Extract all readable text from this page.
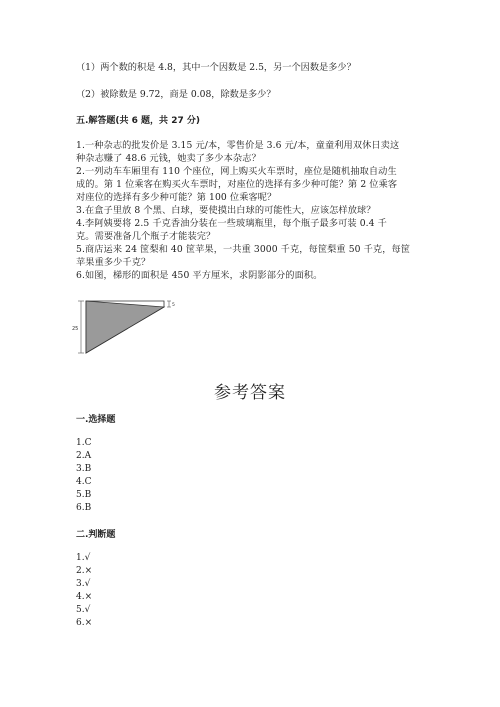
（1）两个数的积是 4.8，其中一个因数是 2.5，另一个因数是多少？
（2）被除数是 9.72，商是 0.08，除数是多少？
五.解答题(共 6 题，共 27 分)
1.一种杂志的批发价是 3.15 元/本，零售价是 3.6 元/本，童童利用双休日卖这
种杂志赚了 48.6 元钱，她卖了多少本杂志？
2.一列动车车厢里有 110 个座位，网上购买火车票时，座位是随机抽取自动生
成的。第 1 位乘客在购买火车票时，对座位的选择有多少种可能？第 2 位乘客
对座位的选择有多少种可能？第 100 位乘客呢？
3.在盒子里放 8 个黑、白球，要使摸出白球的可能性大，应该怎样放球？
4.李阿姨要将 2.5 千克香油分装在一些玻璃瓶里，每个瓶子最多可装 0.4 千
克。需要准备几个瓶子才能装完？
5.商店运来 24 筐梨和 40 筐苹果，一共重 3000 千克，每筐梨重 50 千克，每筐
苹果重多少千克？
6.如图，梯形的面积是 450 平方厘米，求阴影部分的面积。
25
5
参考答案
一.选择题
1.C
2.A
3.B
4.C
5.B
6.B
二.判断题
1.√
2.×
3.√
4.×
5.√
6.×
